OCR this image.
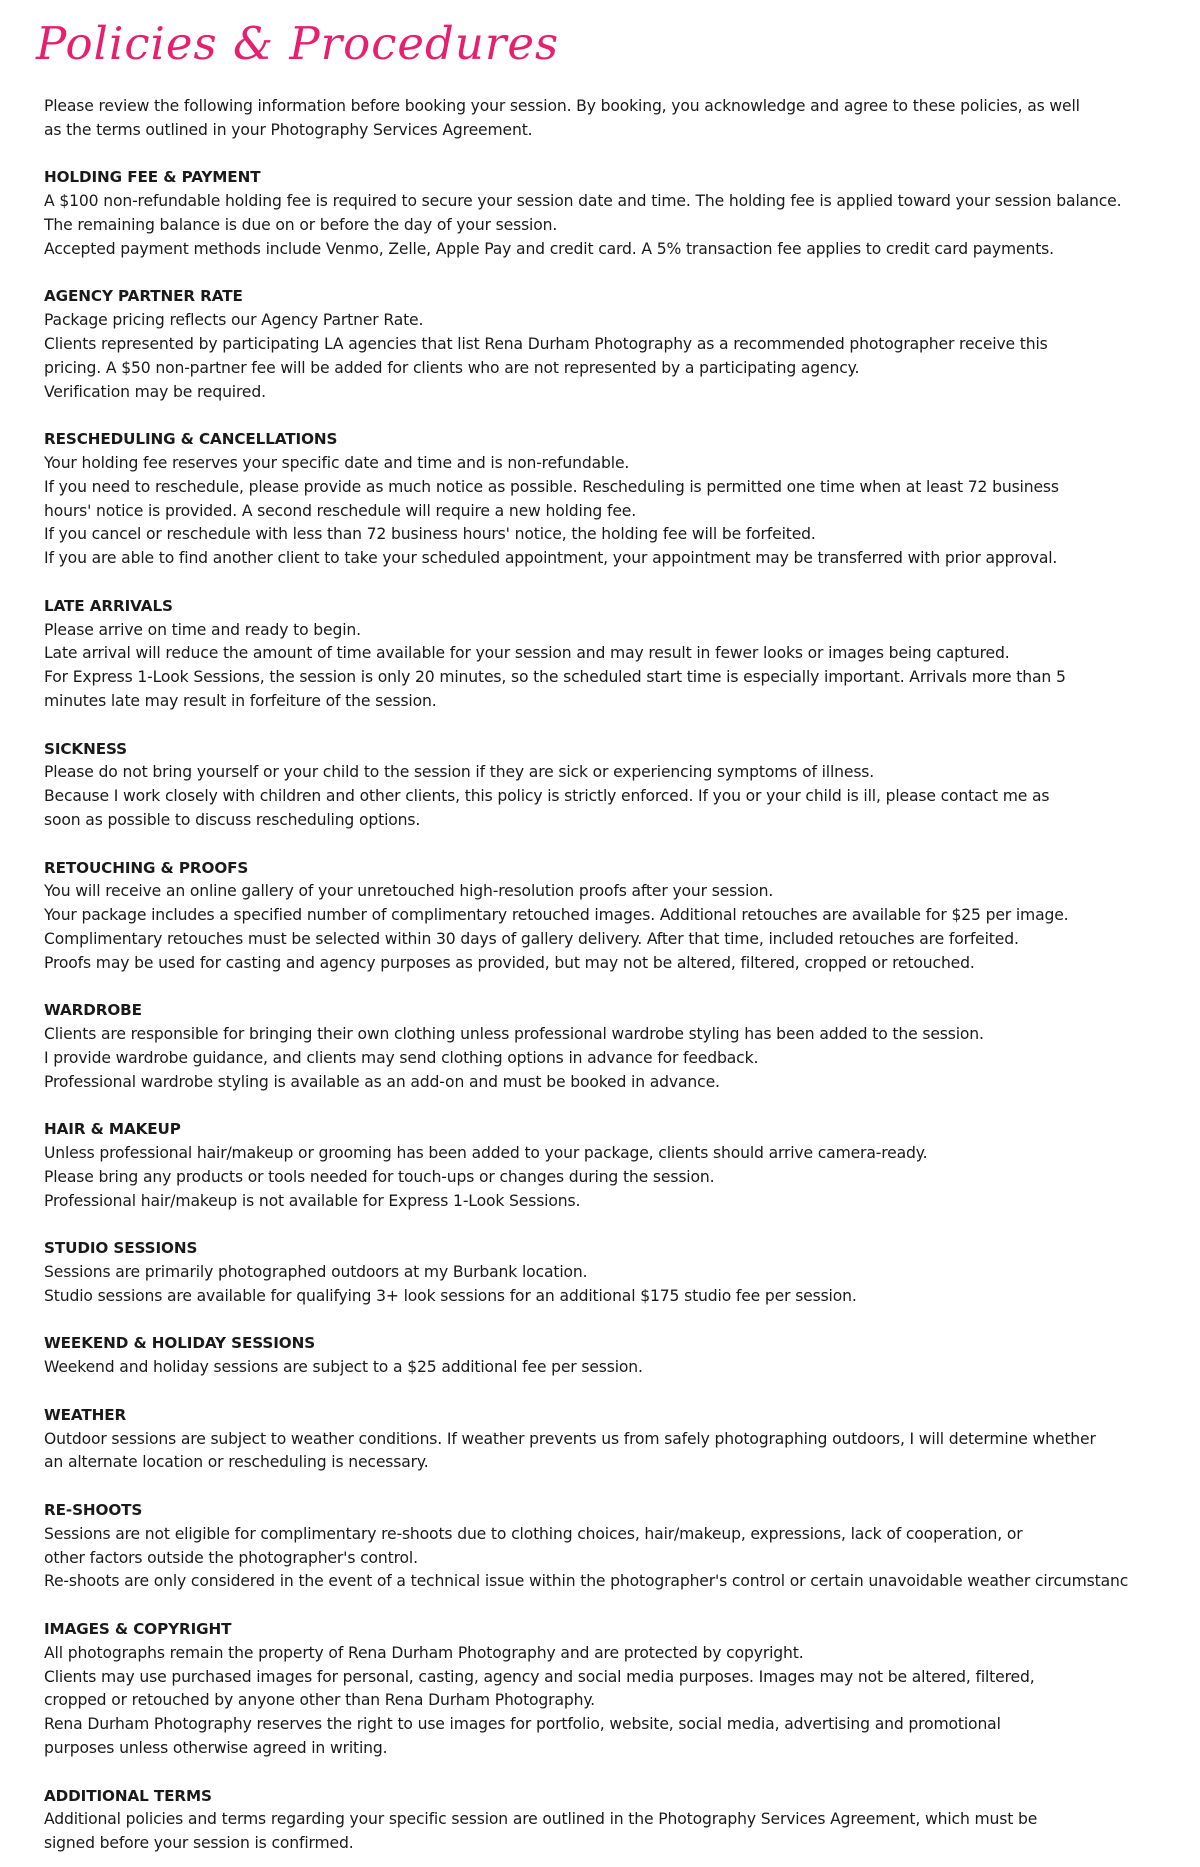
Policies & Procedures

Please review the following information before booking your session. By booking, you acknowledge and agree to these policies, as well

as the terms outlined in your Photography Services Agreement.

HOLDING FEE & PAYMENT

A $100 non-refundable holding fee is required to secure your session date and time. The holding fee is applied toward your session balance.

The remaining balance is due on or before the day of your session.

Accepted payment methods include Venmo, Zelle, Apple Pay and credit card. A 5% transaction fee applies to credit card payments.

AGENCY PARTNER RATE

Package pricing reflects our Agency Partner Rate.

Clients represented by participating LA agencies that list Rena Durham Photography as a recommended photographer receive this

pricing. A $50 non-partner fee will be added for clients who are not represented by a participating agency.

Verification may be required.

RESCHEDULING & CANCELLATIONS

Your holding fee reserves your specific date and time and is non-refundable.

If you need to reschedule, please provide as much notice as possible. Rescheduling is permitted one time when at least 72 business

hours' notice is provided. A second reschedule will require a new holding fee.

If you cancel or reschedule with less than 72 business hours' notice, the holding fee will be forfeited.

If you are able to find another client to take your scheduled appointment, your appointment may be transferred with prior approval.

LATE ARRIVALS

Please arrive on time and ready to begin.

Late arrival will reduce the amount of time available for your session and may result in fewer looks or images being captured.

For Express 1-Look Sessions, the session is only 20 minutes, so the scheduled start time is especially important. Arrivals more than 5

minutes late may result in forfeiture of the session.

SICKNESS

Please do not bring yourself or your child to the session if they are sick or experiencing symptoms of illness.

Because I work closely with children and other clients, this policy is strictly enforced. If you or your child is ill, please contact me as

soon as possible to discuss rescheduling options.

RETOUCHING & PROOFS

You will receive an online gallery of your unretouched high-resolution proofs after your session.

Your package includes a specified number of complimentary retouched images. Additional retouches are available for $25 per image.

Complimentary retouches must be selected within 30 days of gallery delivery. After that time, included retouches are forfeited.

Proofs may be used for casting and agency purposes as provided, but may not be altered, filtered, cropped or retouched.

WARDROBE

Clients are responsible for bringing their own clothing unless professional wardrobe styling has been added to the session.

I provide wardrobe guidance, and clients may send clothing options in advance for feedback.

Professional wardrobe styling is available as an add-on and must be booked in advance.

HAIR & MAKEUP

Unless professional hair/makeup or grooming has been added to your package, clients should arrive camera-ready.

Please bring any products or tools needed for touch-ups or changes during the session.

Professional hair/makeup is not available for Express 1-Look Sessions.

STUDIO SESSIONS

Sessions are primarily photographed outdoors at my Burbank location.

Studio sessions are available for qualifying 3+ look sessions for an additional $175 studio fee per session.

WEEKEND & HOLIDAY SESSIONS

Weekend and holiday sessions are subject to a $25 additional fee per session.

WEATHER

Outdoor sessions are subject to weather conditions. If weather prevents us from safely photographing outdoors, I will determine whether

an alternate location or rescheduling is necessary.

RE-SHOOTS

Sessions are not eligible for complimentary re-shoots due to clothing choices, hair/makeup, expressions, lack of cooperation, or

other factors outside the photographer's control.

Re-shoots are only considered in the event of a technical issue within the photographer's control or certain unavoidable weather circumstanc

IMAGES & COPYRIGHT

All photographs remain the property of Rena Durham Photography and are protected by copyright.

Clients may use purchased images for personal, casting, agency and social media purposes. Images may not be altered, filtered,

cropped or retouched by anyone other than Rena Durham Photography.

Rena Durham Photography reserves the right to use images for portfolio, website, social media, advertising and promotional

purposes unless otherwise agreed in writing.

ADDITIONAL TERMS

Additional policies and terms regarding your specific session are outlined in the Photography Services Agreement, which must be

signed before your session is confirmed.
